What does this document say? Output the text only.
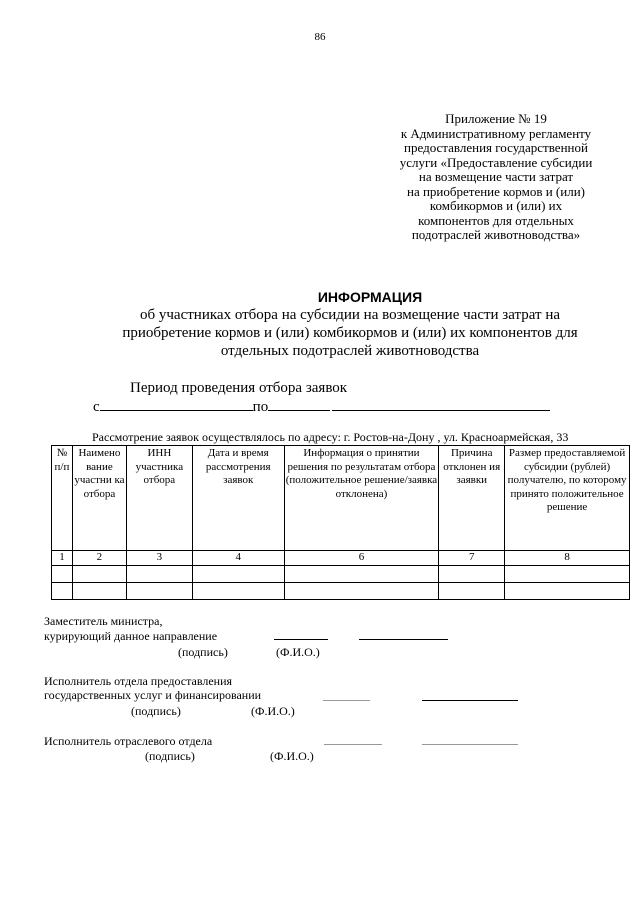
86
Приложение № 19
к Административному регламенту
предоставления государственной
услуги «Предоставление субсидии
на возмещение части затрат
на приобретение кормов и (или)
комбикормов и (или) их
компонентов для отдельных
подотраслей животноводства»
ИНФОРМАЦИЯ
об участниках отбора на субсидии на возмещение части затрат на
приобретение кормов и (или) комбикормов и (или) их компонентов для
отдельных подотраслей животноводства
Период проведения отбора заявок
с	по
Рассмотрение заявок осуществлялось по адресу: г. Ростов-на-Дону , ул. Красноармейская, 33
№ п/п	Наимено вание участни ка отбора	ИНН участника отбора	Дата и время рассмотрения заявок	Информация о принятии решения по результатам отбора (положительное решение/заявка отклонена)	Причина отклонен ия заявки	Размер предоставляемой субсидии (рублей) получателю, по которому принято положительное решение
1	2	3	4	6	7	8

Заместитель министра,
курирующий данное направление
(подпись)	(Ф.И.О.)
Исполнитель отдела предоставления
государственных услуг и финансировании
(подпись)	(Ф.И.О.)
Исполнитель отраслевого отдела
(подпись)	(Ф.И.О.)
